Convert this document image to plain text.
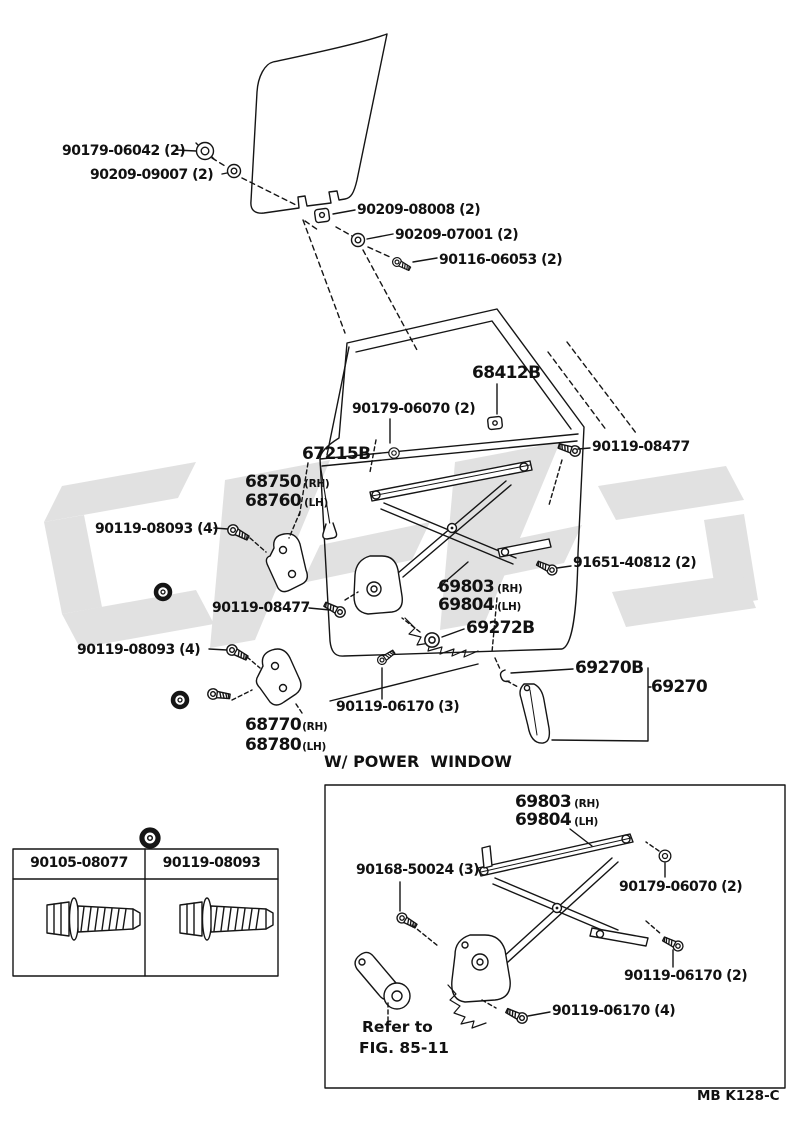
90179-06042 (2)
90209-09007 (2)
90209-08008 (2)
90209-07001 (2)
90116-06053 (2)
68412B
90179-06070 (2)
90119-08477
67215B
68750 (RH)
68760 (LH)
90119-08093 (4)
91651-40812 (2)
69803 (RH)
69804 (LH)
90119-08477
69272B
90119-08093 (4)
69270B
69270
90119-06170 (3)
68770(RH)
68780(LH)
W/ POWER  WINDOW
69803 (RH)
69804 (LH)
90168-50024 (3)
90179-06070 (2)
90119-06170 (2)
90119-06170 (4)
Refer to
FIG. 85-11
90105-08077	90119-08093
MB K128-C
